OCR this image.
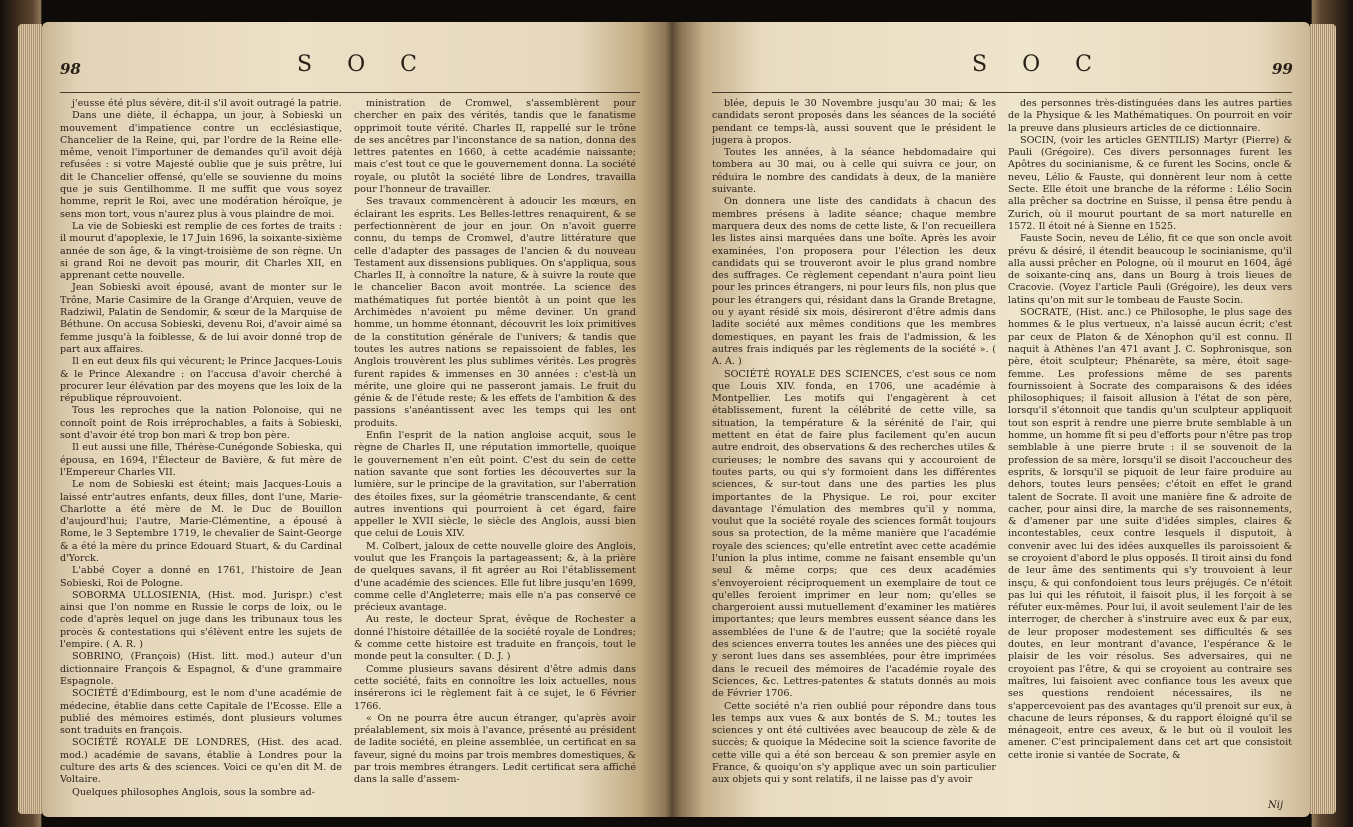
98	S O C

j'eusse été plus sévère, dit-il s'il avoit outragé la patrie.

Dans une diète, il échappa, un jour, à Sobieski un mouvement d'impatience contre un ecclésiastique, Chancelier de la Reine, qui, par l'ordre de la Reine elle-même, venoit l'importuner de demandes qu'il avoit déjà refusées : si votre Majesté oublie que je suis prêtre, lui dit le Chancelier offensé, qu'elle se souvienne du moins que je suis Gentilhomme. Il me suffit que vous soyez homme, reprit le Roi, avec une modération héroïque, je sens mon tort, vous n'aurez plus à vous plaindre de moi.

La vie de Sobieski est remplie de ces fortes de traits : il mourut d'apoplexie, le 17 Juin 1696, la soixante-sixième année de son âge, & la vingt-troisième de son règne. Un si grand Roi ne devoit pas mourir, dit Charles XII, en apprenant cette nouvelle.

Jean Sobieski avoit épousé, avant de monter sur le Trône, Marie Casimire de la Grange d'Arquien, veuve de Radziwil, Palatin de Sendomir, & sœur de la Marquise de Béthune. On accusa Sobieski, devenu Roi, d'avoir aimé sa femme jusqu'à la foiblesse, & de lui avoir donné trop de part aux affaires.

Il en eut deux fils qui vécurent; le Prince Jacques-Louis & le Prince Alexandre : on l'accusa d'avoir cherché à procurer leur élévation par des moyens que les loix de la république réprouvoient.

Tous les reproches que la nation Polonoise, qui ne connoît point de Rois irréprochables, a faits à Sobieski, sont d'avoir été trop bon mari & trop bon père.

Il eut aussi une fille, Thérèse-Cunégonde Sobieska, qui épousa, en 1694, l'Électeur de Bavière, & fut mère de l'Empereur Charles VII.

Le nom de Sobieski est éteint; mais Jacques-Louis a laissé entr'autres enfants, deux filles, dont l'une, Marie-Charlotte a été mère de M. le Duc de Bouillon d'aujourd'hui; l'autre, Marie-Clémentine, a épousé à Rome, le 3 Septembre 1719, le chevalier de Saint-George & a été la mère du prince Edouard Stuart, & du Cardinal d'Yorck.

L'abbé Coyer a donné en 1761, l'histoire de Jean Sobieski, Roi de Pologne.

SOBORMA ULLOSIENIA, (Hist. mod. Jurispr.) c'est ainsi que l'on nomme en Russie le corps de loix, ou le code d'après lequel on juge dans les tribunaux tous les procès & contestations qui s'élèvent entre les sujets de l'empire. ( A. R. )

SOBRINO, (François) (Hist. litt. mod.) auteur d'un dictionnaire François & Espagnol, & d'une grammaire Espagnole.

SOCIÉTÉ d'Edimbourg, est le nom d'une académie de médecine, établie dans cette Capitale de l'Ecosse. Elle a publié des mémoires estimés, dont plusieurs volumes sont traduits en françois.

SOCIÉTÉ ROYALE DE LONDRES, (Hist. des acad. mod.) académie de savans, établie à Londres pour la culture des arts & des sciences. Voici ce qu'en dit M. de Voltaire.

Quelques philosophes Anglois, sous la sombre ad-

ministration de Cromwel, s'assemblèrent pour chercher en paix des vérités, tandis que le fanatisme opprimoit toute vérité. Charles II, rappellé sur le trône de ses ancêtres par l'inconstance de sa nation, donna des lettres patentes en 1660, à cette académie naissante; mais c'est tout ce que le gouvernement donna. La société royale, ou plutôt la société libre de Londres, travailla pour l'honneur de travailler.

Ses travaux commencèrent à adoucir les mœurs, en éclairant les esprits. Les Belles-lettres renaquirent, & se perfectionnèrent de jour en jour. On n'avoit guerre connu, du temps de Cromwel, d'autre littérature que celle d'adapter des passages de l'ancien & du nouveau Testament aux dissensions publiques. On s'appliqua, sous Charles II, à connoître la nature, & à suivre la route que le chancelier Bacon avoit montrée. La science des mathématiques fut portée bientôt à un point que les Archimèdes n'avoient pu même deviner. Un grand homme, un homme étonnant, découvrit les loix primitives de la constitution générale de l'univers; & tandis que toutes les autres nations se repaissoient de fables, les Anglois trouvèrent les plus sublimes vérités. Les progrès furent rapides & immenses en 30 années : c'est-là un mérite, une gloire qui ne passeront jamais. Le fruit du génie & de l'étude reste; & les effets de l'ambition & des passions s'anéantissent avec les temps qui les ont produits.

Enfin l'esprit de la nation angloise acquit, sous le règne de Charles II, une réputation immortelle, quoique le gouvernement n'en eût point. C'est du sein de cette nation savante que sont forties les découvertes sur la lumière, sur le principe de la gravitation, sur l'aberration des étoiles fixes, sur la géométrie transcendante, & cent autres inventions qui pourroient à cet égard, faire appeller le XVII siècle, le siècle des Anglois, aussi bien que celui de Louis XIV.

M. Colbert, jaloux de cette nouvelle gloire des Anglois, voulut que les François la partageassent; &, à la prière de quelques savans, il fit agréer au Roi l'établissement d'une académie des sciences. Elle fut libre jusqu'en 1699, comme celle d'Angleterre; mais elle n'a pas conservé ce précieux avantage.

Au reste, le docteur Sprat, évêque de Rochester a donné l'histoire détaillée de la société royale de Londres; & comme cette histoire est traduite en françois, tout le monde peut la consulter. ( D. J. )

Comme plusieurs savans désirent d'être admis dans cette société, faits en connoître les loix actuelles, nous insérerons ici le règlement fait à ce sujet, le 6 Février 1766.

« On ne pourra être aucun étranger, qu'après avoir préalablement, six mois à l'avance, présenté au président de ladite société, en pleine assemblée, un certificat en sa faveur, signé du moins par trois membres domestiques, & par trois membres étrangers. Ledit certificat sera affiché dans la salle d'assem-

S O C	99

blée, depuis le 30 Novembre jusqu'au 30 mai; & les candidats seront proposés dans les séances de la société pendant ce temps-là, aussi souvent que le président le jugera à propos.

Toutes les années, à la séance hebdomadaire qui tombera au 30 mai, ou à celle qui suivra ce jour, on réduira le nombre des candidats à deux, de la manière suivante.

On donnera une liste des candidats à chacun des membres présens à ladite séance; chaque membre marquera deux des noms de cette liste, & l'on recueillera les listes ainsi marquées dans une boîte. Après les avoir examinées, l'on proposera pour l'élection les deux candidats qui se trouveront avoir le plus grand nombre des suffrages. Ce règlement cependant n'aura point lieu pour les princes étrangers, ni pour leurs fils, non plus que pour les étrangers qui, résidant dans la Grande Bretagne, ou y ayant résidé six mois, désireront d'être admis dans ladite société aux mêmes conditions que les membres domestiques, en payant les frais de l'admission, & les autres frais indiqués par les règlements de la société ». ( A. A. )

SOCIÉTÉ ROYALE DES SCIENCES, c'est sous ce nom que Louis XIV. fonda, en 1706, une académie à Montpellier. Les motifs qui l'engagèrent à cet établissement, furent la célébrité de cette ville, sa situation, la température & la sérénité de l'air, qui mettent en état de faire plus facilement qu'en aucun autre endroit, des observations & des recherches utiles & curieuses; le nombre des savans qui y accouroient de toutes parts, ou qui s'y formoient dans les différentes sciences, & sur-tout dans une des parties les plus importantes de la Physique. Le roi, pour exciter davantage l'émulation des membres qu'il y nomma, voulut que la société royale des sciences formât toujours sous sa protection, de la même manière que l'académie royale des sciences; qu'elle entretînt avec cette académie l'union la plus intime, comme ne faisant ensemble qu'un seul & même corps; que ces deux académies s'envoyeroient réciproquement un exemplaire de tout ce qu'elles feroient imprimer en leur nom; qu'elles se chargeroient aussi mutuellement d'examiner les matières importantes; que leurs membres eussent séance dans les assemblées de l'une & de l'autre; que la société royale des sciences enverra toutes les années une des pièces qui y seront lues dans ses assemblées, pour être imprimées dans le recueil des mémoires de l'académie royale des Sciences, &c. Lettres-patentes & statuts donnés au mois de Février 1706.

Cette société n'a rien oublié pour répondre dans tous les temps aux vues & aux bontés de S. M.; toutes les sciences y ont été cultivées avec beaucoup de zèle & de succès; & quoique la Médecine soit la science favorite de cette ville qui a été son berceau & son premier asyle en France, & quoiqu'on s'y applique avec un soin particulier aux objets qui y sont relatifs, il ne laisse pas d'y avoir

des personnes très-distinguées dans les autres parties de la Physique & les Mathématiques. On pourroit en voir la preuve dans plusieurs articles de ce dictionnaire.

SOCIN, (voir les articles GENTILIS) Martyr (Pierre) & Pauli (Grégoire). Ces divers personnages furent les Apôtres du socinianisme, & ce furent les Socins, oncle & neveu, Lélio & Fauste, qui donnèrent leur nom à cette Secte. Elle étoit une branche de la réforme : Lélio Socin alla prêcher sa doctrine en Suisse, il pensa être pendu à Zurich, où il mourut pourtant de sa mort naturelle en 1572. Il étoit né à Sienne en 1525.

Fauste Socin, neveu de Lélio, fit ce que son oncle avoit prévu & désiré, il étendit beaucoup le socinianisme, qu'il alla aussi prêcher en Pologne, où il mourut en 1604, âgé de soixante-cinq ans, dans un Bourg à trois lieues de Cracovie. (Voyez l'article Pauli (Grégoire), les deux vers latins qu'on mit sur le tombeau de Fauste Socin.

SOCRATE, (Hist. anc.) ce Philosophe, le plus sage des hommes & le plus vertueux, n'a laissé aucun écrit; c'est par ceux de Platon & de Xénophon qu'il est connu. Il naquit à Athènes l'an 471 avant J. C. Sophronisque, son père, étoit sculpteur; Phénarète, sa mère, étoit sage-femme. Les professions même de ses parents fournissoient à Socrate des comparaisons & des idées philosophiques; il faisoit allusion à l'état de son père, lorsqu'il s'étonnoit que tandis qu'un sculpteur appliquoit tout son esprit à rendre une pierre brute semblable à un homme, un homme fît si peu d'efforts pour n'être pas trop semblable à une pierre brute : il se souvenoit de la profession de sa mère, lorsqu'il se disoit l'accoucheur des esprits, & lorsqu'il se piquoit de leur faire produire au dehors, toutes leurs pensées; c'étoit en effet le grand talent de Socrate. Il avoit une manière fine & adroite de cacher, pour ainsi dire, la marche de ses raisonnements, & d'amener par une suite d'idées simples, claires & incontestables, ceux contre lesquels il disputoit, à convenir avec lui des idées auxquelles ils paroissoient & se croyoient d'abord le plus opposés. Il tiroit ainsi du fond de leur âme des sentiments qui s'y trouvoient à leur insçu, & qui confondoient tous leurs préjugés. Ce n'étoit pas lui qui les réfutoit, il faisoit plus, il les forçoit à se réfuter eux-mêmes. Pour lui, il avoit seulement l'air de les interroger, de chercher à s'instruire avec eux & par eux, de leur proposer modestement ses difficultés & ses doutes, en leur montrant d'avance, l'espérance & le plaisir de les voir résolus. Ses adversaires, qui ne croyoient pas l'être, & qui se croyoient au contraire ses maîtres, lui faisoient avec confiance tous les aveux que ses questions rendoient nécessaires, ils ne s'appercevoient pas des avantages qu'il prenoit sur eux, à chacune de leurs réponses, & du rapport éloigné qu'il se ménageoit, entre ces aveux, & le but où il vouloit les amener. C'est principalement dans cet art que consistoit cette ironie si vantée de Socrate, &

Nij
